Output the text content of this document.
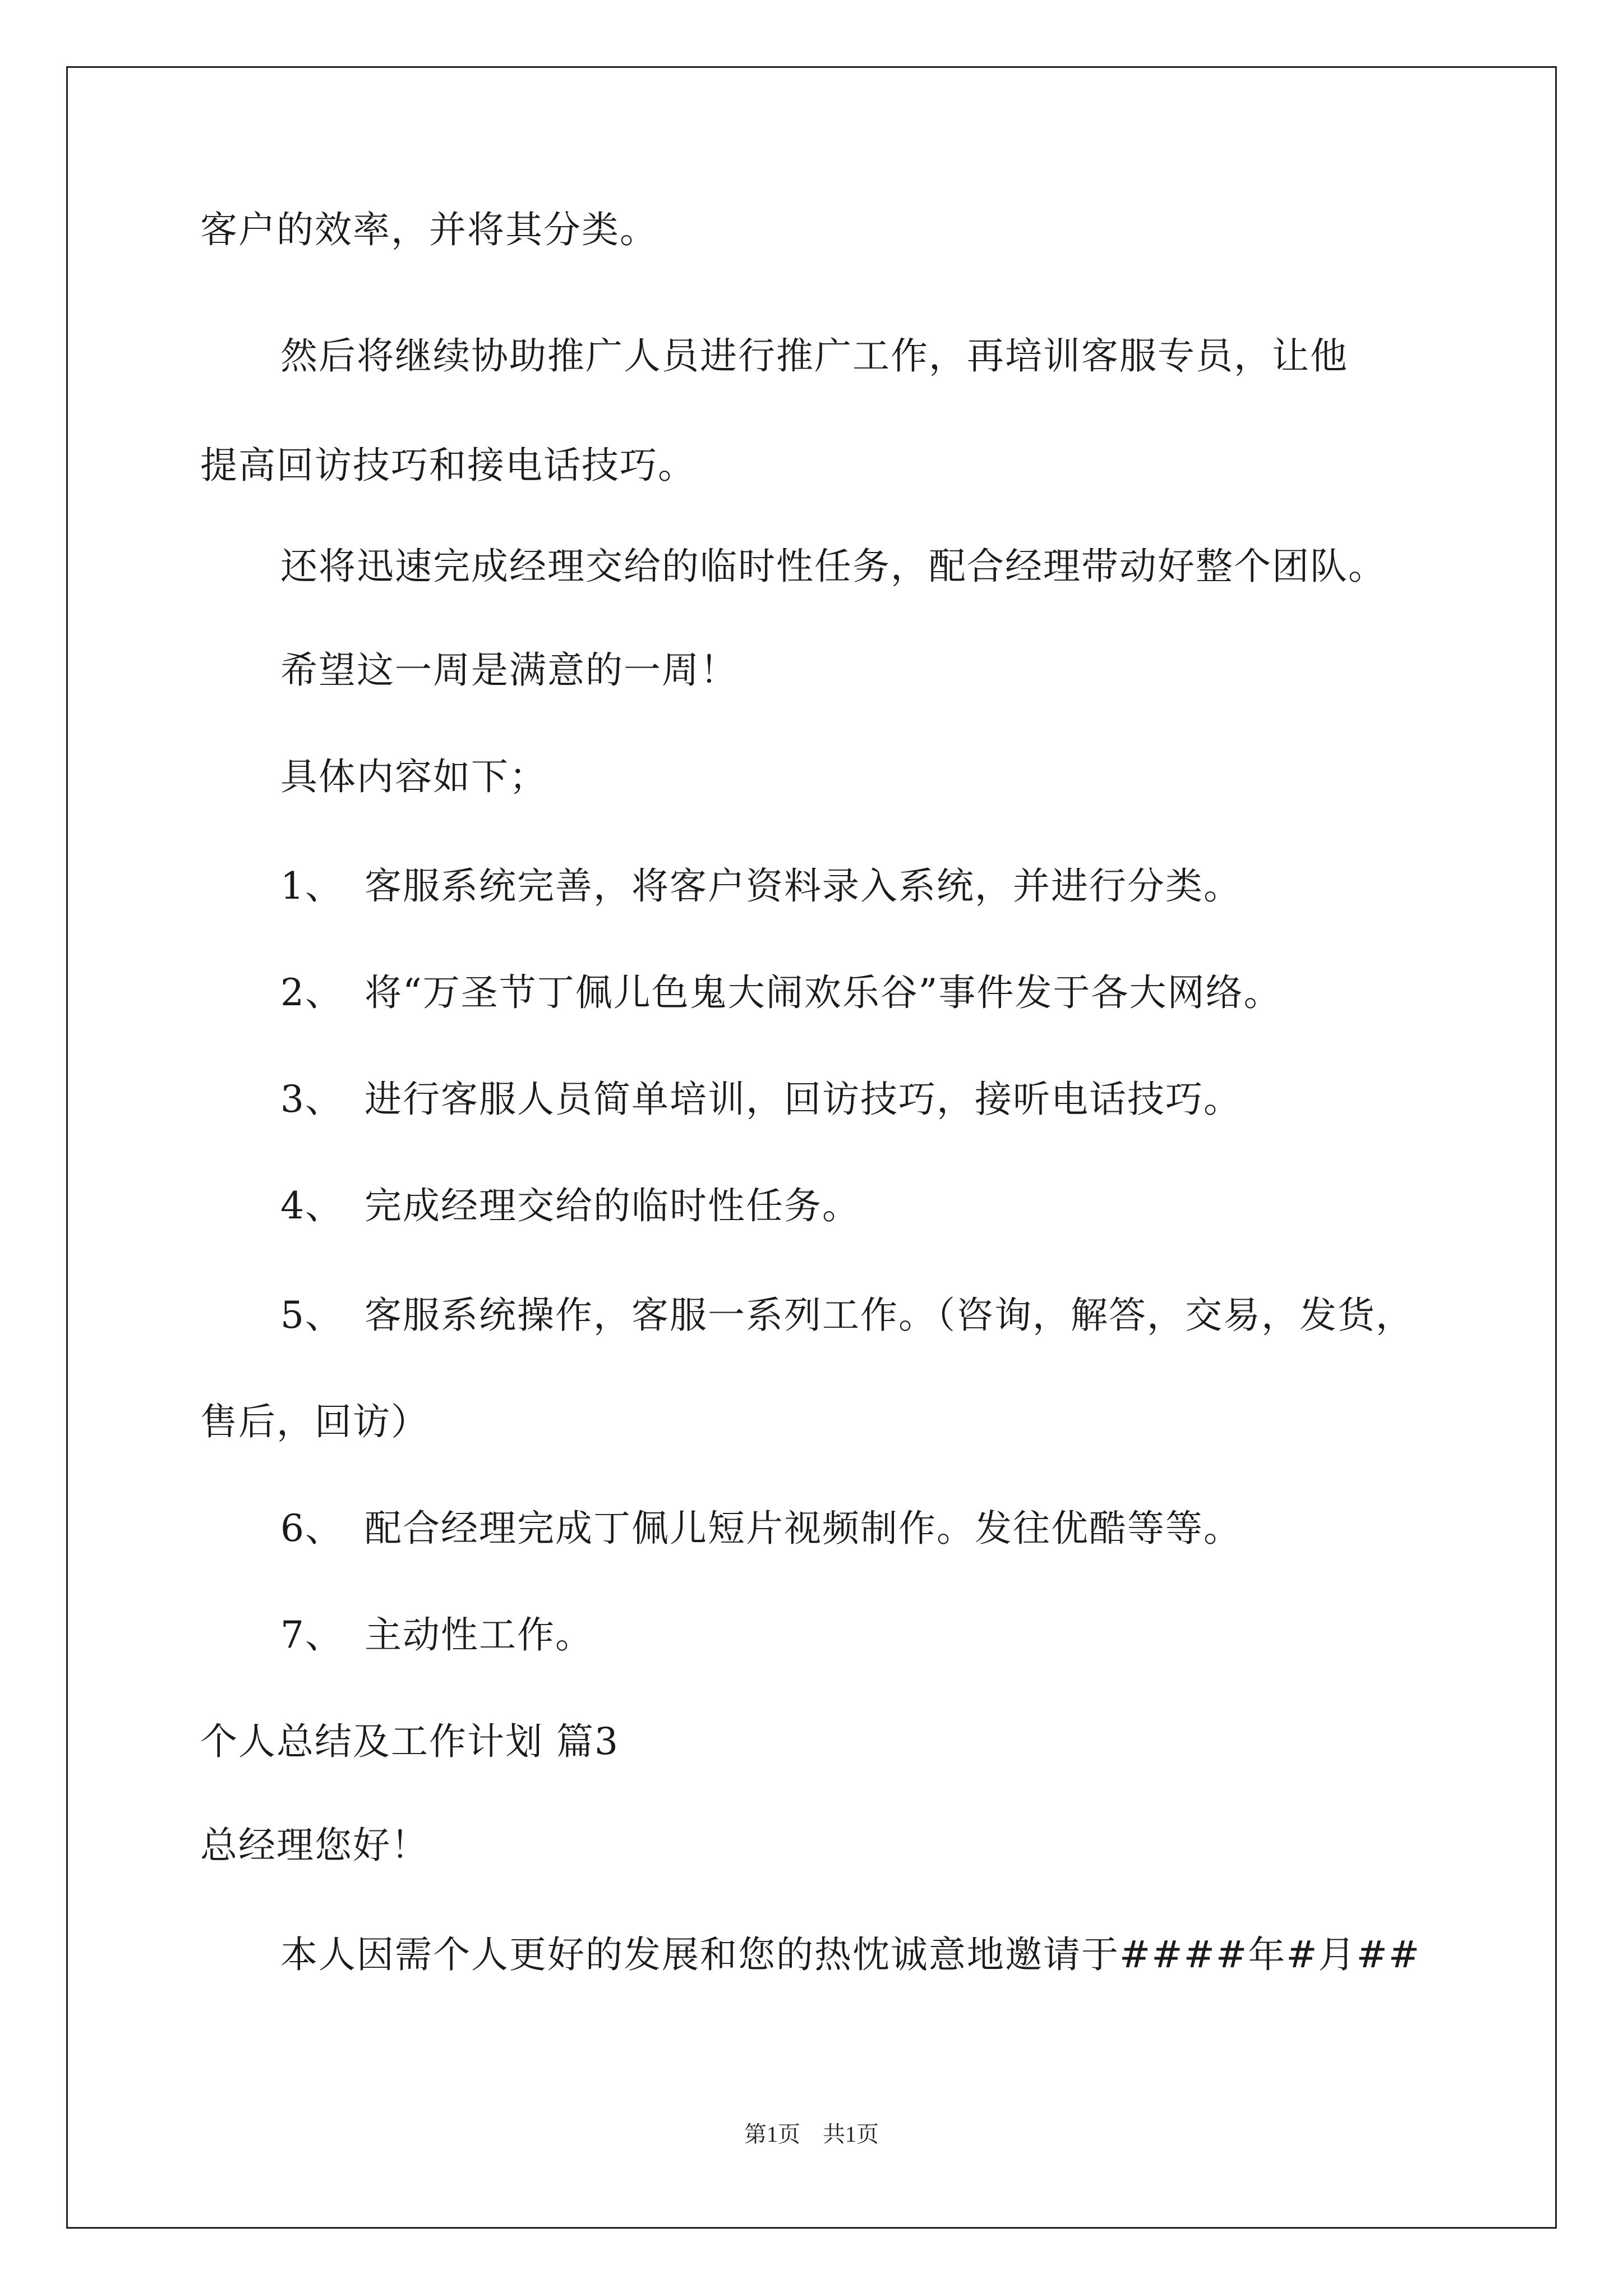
客户的效率，并将其分类。
然后将继续协助推广人员进行推广工作，再培训客服专员，让他
提高回访技巧和接电话技巧。
还将迅速完成经理交给的临时性任务，配合经理带动好整个团队。
希望这一周是满意的一周！
具体内容如下；
1、 客服系统完善，将客户资料录入系统，并进行分类。
2、 将“万圣节丁佩儿色鬼大闹欢乐谷”事件发于各大网络。
3、 进行客服人员简单培训，回访技巧，接听电话技巧。
4、 完成经理交给的临时性任务。
5、 客服系统操作，客服一系列工作。（咨询，解答，交易，发货，
售后，回访）
6、 配合经理完成丁佩儿短片视频制作。发往优酷等等。
7、 主动性工作。
个人总结及工作计划 篇3
总经理您好！
本人因需个人更好的发展和您的热忱诚意地邀请于####年#月##
第1页　共1页
